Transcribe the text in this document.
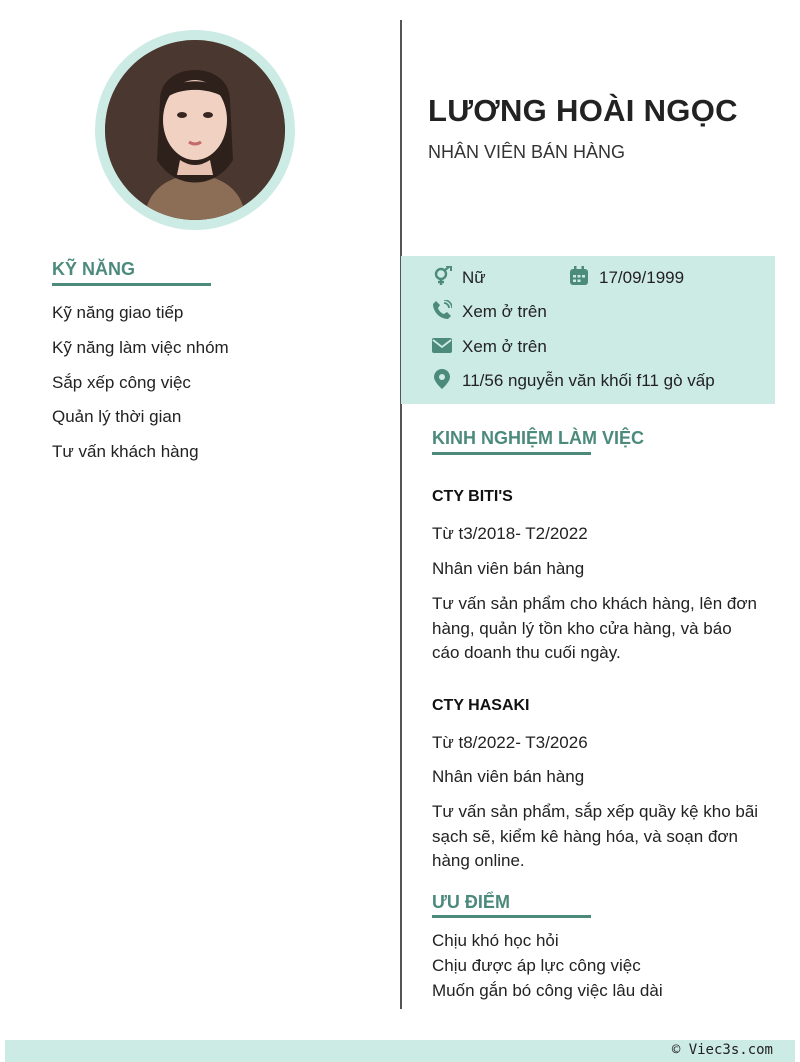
KỸ NĂNG
Kỹ năng giao tiếp
Kỹ năng làm việc nhóm
Sắp xếp công việc
Quản lý thời gian
Tư vấn khách hàng
LƯƠNG HOÀI NGỌC
NHÂN VIÊN BÁN HÀNG
Nữ	17/09/1999
Xem ở trên
Xem ở trên
11/56 nguyễn văn khối f11 gò vấp
KINH NGHIỆM LÀM VIỆC
CTY BITI'S
Từ t3/2018- T2/2022
Nhân viên bán hàng
Tư vấn sản phẩm cho khách hàng, lên đơn hàng, quản lý tồn kho cửa hàng, và báo cáo doanh thu cuối ngày.
CTY HASAKI
Từ t8/2022- T3/2026
Nhân viên bán hàng
Tư vấn sản phẩm, sắp xếp quầy kệ kho bãi sạch sẽ, kiểm kê hàng hóa, và soạn đơn hàng online.
ƯU ĐIỂM
Chịu khó học hỏi
Chịu được áp lực công việc
Muốn gắn bó công việc lâu dài
© Viec3s.com
